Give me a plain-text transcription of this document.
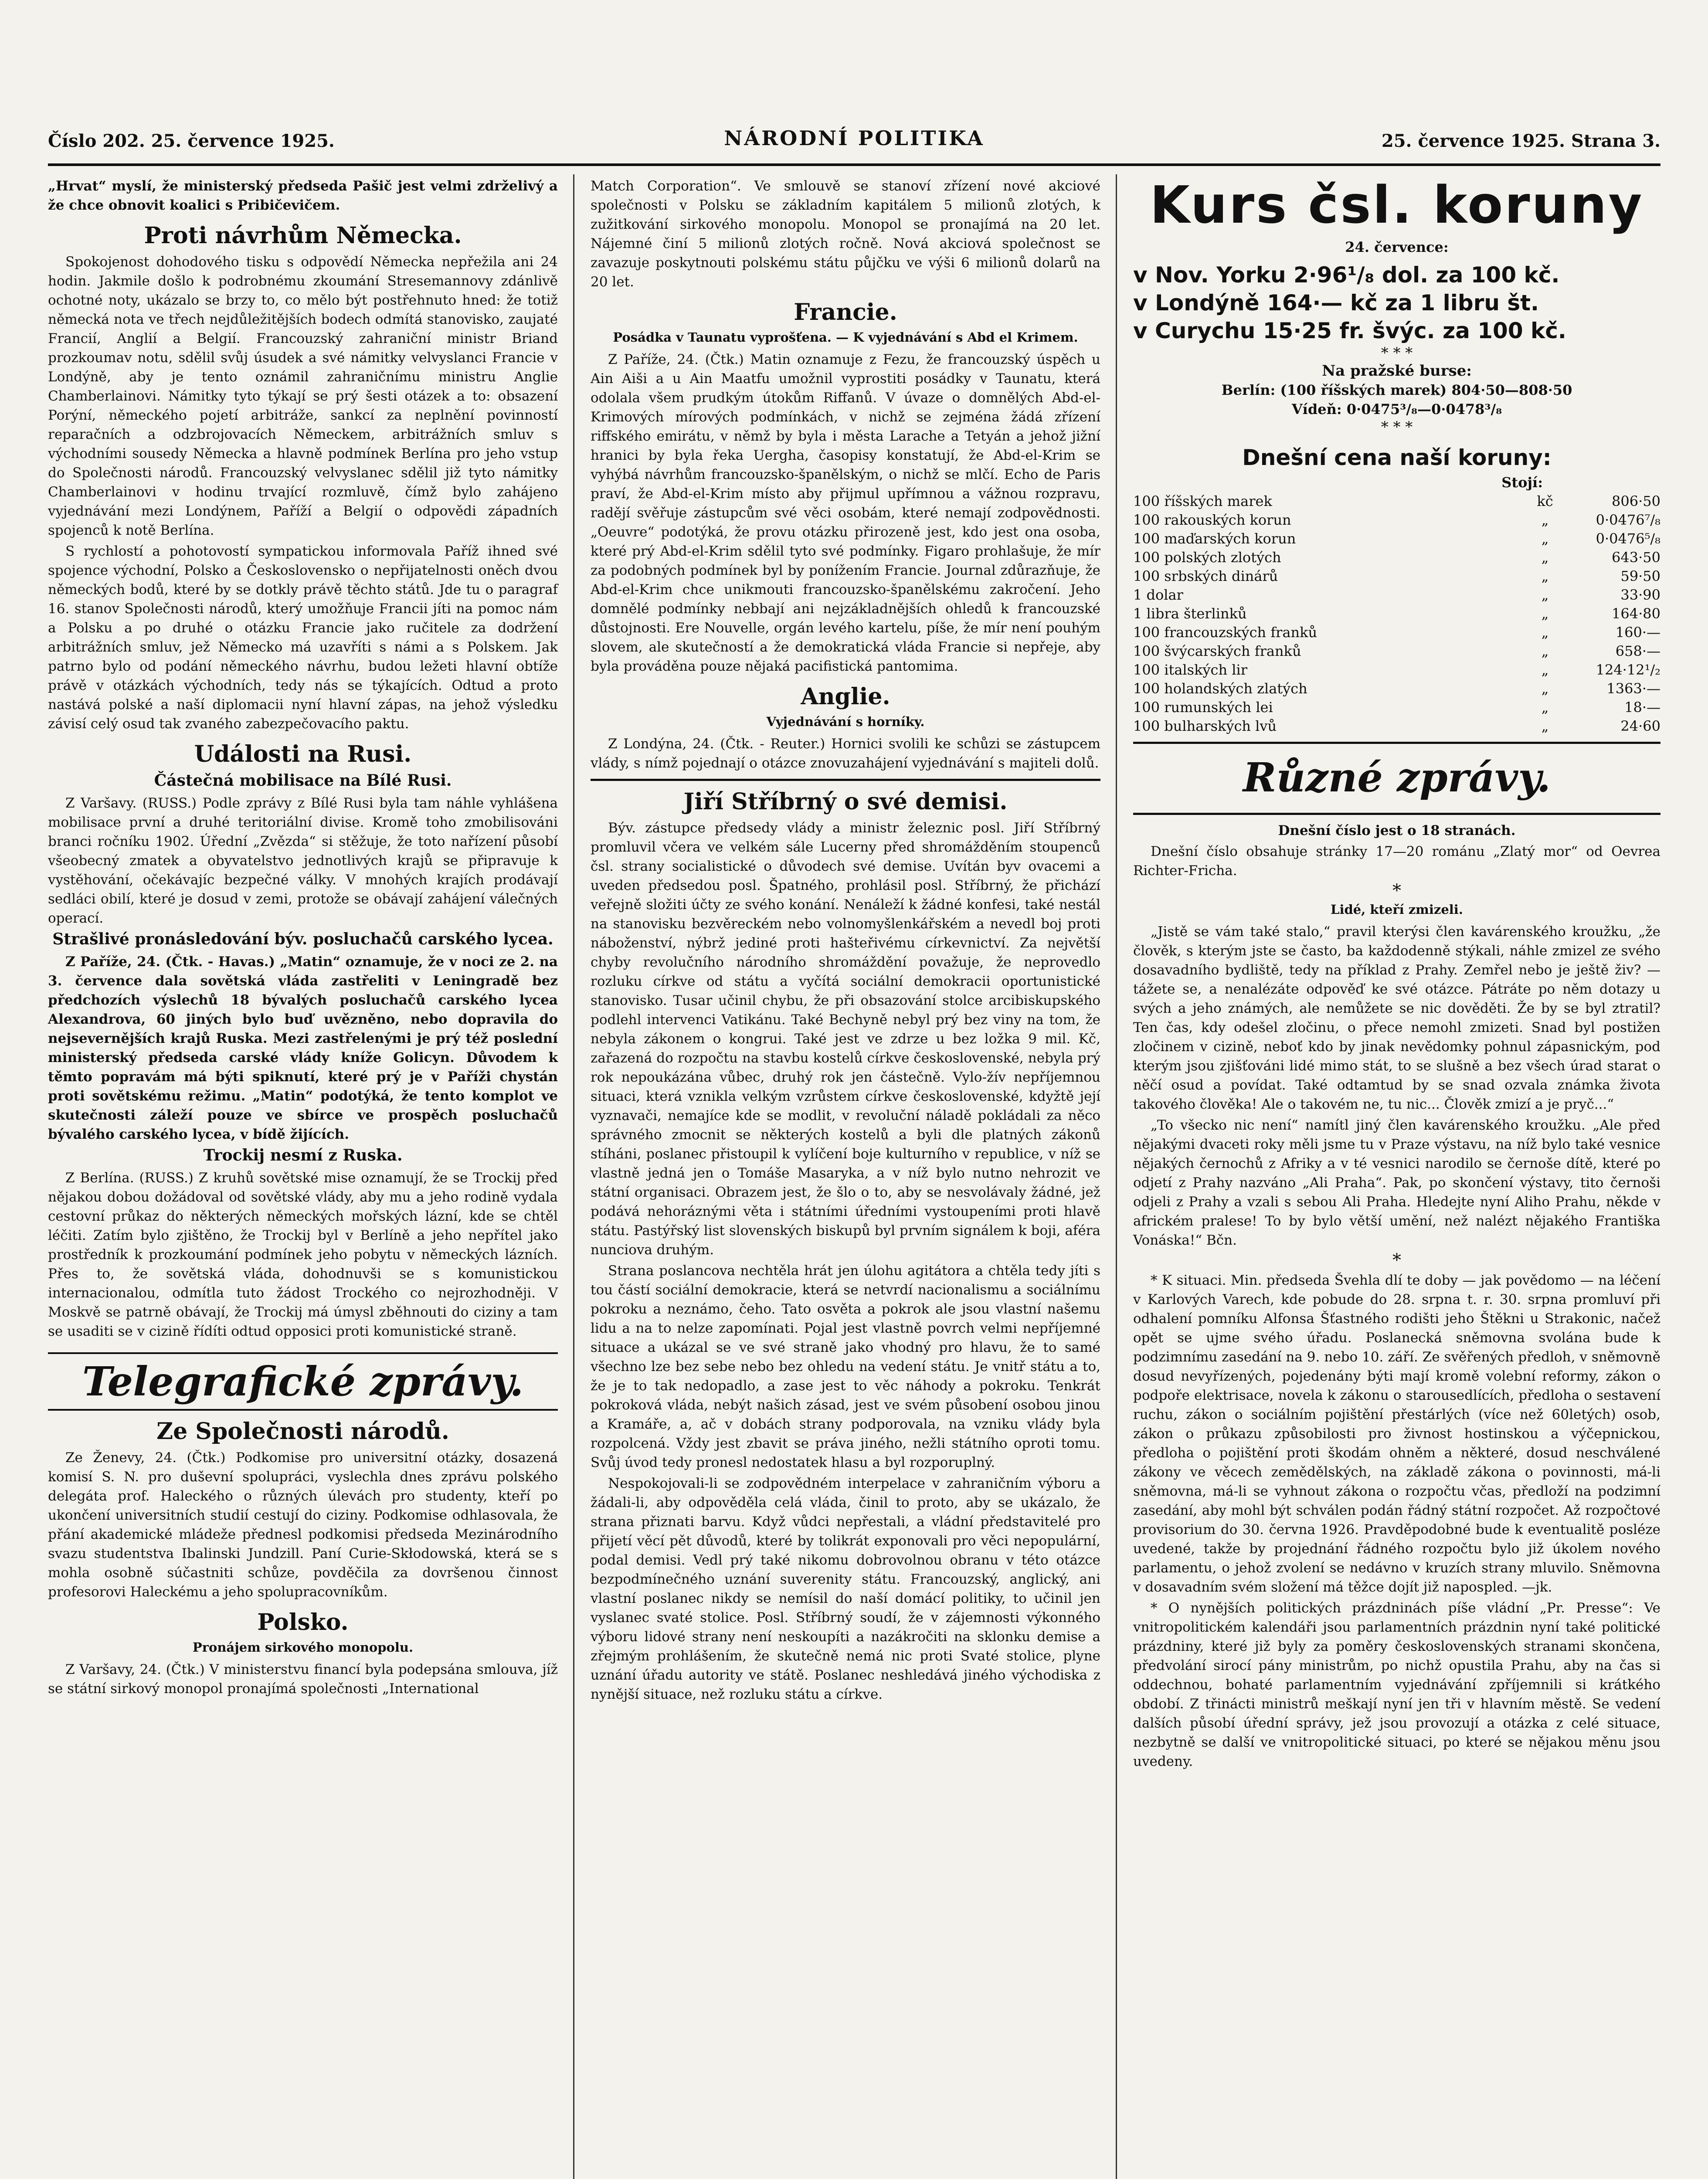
Číslo 202. 25. července 1925.	NÁRODNÍ POLITIKA	25. července 1925. Strana 3.

„Hrvat“ myslí, že ministerský předseda Pašič jest velmi zdrželivý a že chce obnovit koalici s Pribičevičem.

Proti návrhům Německa.

Spokojenost dohodového tisku s odpovědí Německa nepřežila ani 24 hodin. Jakmile došlo k podrobnému zkoumání Stresemannovy zdánlivě ochotné noty, ukázalo se brzy to, co mělo být postřehnuto hned: že totiž německá nota ve třech nejdůležitějších bodech odmítá stanovisko, zaujaté Francií, Anglií a Belgií. Francouzský zahraniční ministr Briand prozkoumav notu, sdělil svůj úsudek a své námitky velvyslanci Francie v Londýně, aby je tento oznámil zahraničnímu ministru Anglie Chamberlainovi. Námitky tyto týkají se prý šesti otázek a to: obsazení Porýní, německého pojetí arbitráže, sankcí za neplnění povinností reparačních a odzbrojovacích Německem, arbitrážních smluv s východními sousedy Německa a hlavně podmínek Berlína pro jeho vstup do Společnosti národů. Francouzský velvyslanec sdělil již tyto námitky Chamberlainovi v hodinu trvající rozmluvě, čímž bylo zahájeno vyjednávání mezi Londýnem, Paříží a Belgií o odpovědi západních spojenců k notě Berlína.

S rychlostí a pohotovostí sympatickou informovala Paříž ihned své spojence východní, Polsko a Československo o nepřijatelnosti oněch dvou německých bodů, které by se dotkly právě těchto států. Jde tu o paragraf 16. stanov Společnosti národů, který umožňuje Francii jíti na pomoc nám a Polsku a po druhé o otázku Francie jako ručitele za dodržení arbitrážních smluv, jež Německo má uzavříti s námi a s Polskem. Jak patrno bylo od podání německého návrhu, budou ležeti hlavní obtíže právě v otázkách východních, tedy nás se týkajících. Odtud a proto nastává polské a naší diplomacii nyní hlavní zápas, na jehož výsledku závisí celý osud tak zvaného zabezpečovacího paktu.

Události na Rusi.
Částečná mobilisace na Bílé Rusi.

Z Varšavy. (RUSS.) Podle zprávy z Bílé Rusi byla tam náhle vyhlášena mobilisace první a druhé teritoriální divise. Kromě toho zmobilisováni branci ročníku 1902. Úřední „Zvězda“ si stěžuje, že toto nařízení působí všeobecný zmatek a obyvatelstvo jednotlivých krajů se připravuje k vystěhování, očekávajíc bezpečné války. V mnohých krajích prodávají sedláci obilí, které je dosud v zemi, protože se obávají zahájení válečných operací.

Strašlivé pronásledování býv. posluchačů carského lycea.

Z Paříže, 24. (Čtk. - Havas.) „Matin“ oznamuje, že v noci ze 2. na 3. července dala sovětská vláda zastřeliti v Leningradě bez předchozích výslechů 18 bývalých posluchačů carského lycea Alexandrova, 60 jiných bylo buď uvězněno, nebo dopravila do nejsevernějších krajů Ruska. Mezi zastřelenými je prý též poslední ministerský předseda carské vlády kníže Golicyn. Důvodem k těmto popravám má býti spiknutí, které prý je v Paříži chystán proti sovětskému režimu. „Matin“ podotýká, že tento komplot ve skutečnosti záleží pouze ve sbírce ve prospěch posluchačů bývalého carského lycea, v bídě žijících.

Trockij nesmí z Ruska.

Z Berlína. (RUSS.) Z kruhů sovětské mise oznamují, že se Trockij před nějakou dobou dožádoval od sovětské vlády, aby mu a jeho rodině vydala cestovní průkaz do některých německých mořských lázní, kde se chtěl léčiti. Zatím bylo zjištěno, že Trockij byl v Berlíně a jeho nepřítel jako prostředník k prozkoumání podmínek jeho pobytu v německých lázních. Přes to, že sovětská vláda, dohodnuvši se s komunistickou internacionalou, odmítla tuto žádost Trockého co nejrozhodněji. V Moskvě se patrně obávají, že Trockij má úmysl zběhnouti do ciziny a tam se usaditi se v cizině řídíti odtud opposici proti komunistické straně.

Telegrafické zprávy.
Ze Společnosti národů.

Ze Ženevy, 24. (Čtk.) Podkomise pro universitní otázky, dosazená komisí S. N. pro duševní spolupráci, vyslechla dnes zprávu polského delegáta prof. Haleckého o různých úlevách pro studenty, kteří po ukončení universitních studií cestují do ciziny. Podkomise odhlasovala, že přání akademické mládeže přednesl podkomisi předseda Mezinárodního svazu studentstva Ibalinski Jundzill. Paní Curie-Skłodowská, která se s mohla osobně súčastniti schůze, povděčila za dovršenou činnost profesorovi Haleckému a jeho spolupracovníkům.

Polsko.
Pronájem sirkového monopolu.

Z Varšavy, 24. (Čtk.) V ministerstvu financí byla podepsána smlouva, jíž se státní sirkový monopol pronajímá společnosti „International

Match Corporation“. Ve smlouvě se stanoví zřízení nové akciové společnosti v Polsku se základním kapitálem 5 milionů zlotých, k zužitkování sirkového monopolu. Monopol se pronajímá na 20 let. Nájemné činí 5 milionů zlotých ročně. Nová akciová společnost se zavazuje poskytnouti polskému státu půjčku ve výši 6 milionů dolarů na 20 let.

Francie.
Posádka v Taunatu vyprošťena. — K vyjednávání s Abd el Krimem.

Z Paříže, 24. (Čtk.) Matin oznamuje z Fezu, že francouzský úspěch u Ain Aiši a u Ain Maatfu umožnil vyprostiti posádky v Taunatu, která odolala všem prudkým útokům Riffanů. V úvaze o domnělých Abd-el-Krimových mírových podmínkách, v nichž se zejména žádá zřízení riffského emirátu, v němž by byla i města Larache a Tetyán a jehož jižní hranici by byla řeka Uergha, časopisy konstatují, že Abd-el-Krim se vyhýbá návrhům francouzsko-španělským, o nichž se mlčí. Echo de Paris praví, že Abd-el-Krim místo aby přijmul upřímnou a vážnou rozpravu, radějí svěřuje zástupcům své věci osobám, které nemají zodpovědnosti. „Oeuvre“ podotýká, že provu otázku přirozeně jest, kdo jest ona osoba, které prý Abd-el-Krim sdělil tyto své podmínky. Figaro prohlašuje, že mír za podobných podmínek byl by ponížením Francie. Journal zdůrazňuje, že Abd-el-Krim chce unikmouti francouzsko-španělskému zakročení. Jeho domnělé podmínky nebbají ani nejzákladnějších ohledů k francouzské důstojnosti. Ere Nouvelle, orgán levého kartelu, píše, že mír není pouhým slovem, ale skutečností a že demokratická vláda Francie si nepřeje, aby byla prováděna pouze nějaká pacifistická pantomima.

Anglie.
Vyjednávání s horníky.

Z Londýna, 24. (Čtk. - Reuter.) Hornici svolili ke schůzi se zástupcem vlády, s nímž pojednají o otázce znovuzahájení vyjednávání s majiteli dolů.

Jiří Stříbrný o své demisi.

Býv. zástupce předsedy vlády a ministr železnic posl. Jiří Stříbrný promluvil včera ve velkém sále Lucerny před shromážděním stoupenců čsl. strany socialistické o důvodech své demise. Uvítán byv ovacemi a uveden předsedou posl. Špatného, prohlásil posl. Stříbrný, že přichází veřejně složiti účty ze svého konání. Nenáleží k žádné konfesi, také nestál na stanovisku bezvěreckém nebo volnomyšlenkářském a nevedl boj proti náboženství, nýbrž jediné proti hašteřivému církevnictví. Za největší chyby revolučního národního shromáždění považuje, že neprovedlo rozluku církve od státu a vyčítá sociální demokracii oportunistické stanovisko. Tusar učinil chybu, že při obsazování stolce arcibiskupského podlehl intervenci Vatikánu. Také Bechyně nebyl prý bez viny na tom, že nebyla zákonem o kongrui. Také jest ve zdrze u bez ložka 9 mil. Kč, zařazená do rozpočtu na stavbu kostelů církve československé, nebyla prý rok nepoukázána vůbec, druhý rok jen částečně. Vylo-žív nepříjemnou situaci, která vznikla velkým vzrůstem církve československé, kdyžtě její vyznavači, nemajíce kde se modlit, v revoluční náladě pokládali za něco správného zmocnit se některých kostelů a byli dle platných zákonů stíháni, poslanec přistoupil k vylíčení boje kulturního v republice, v níž se vlastně jedná jen o Tomáše Masaryka, a v níž bylo nutno nehrozit ve státní organisaci. Obrazem jest, že šlo o to, aby se nesvolávaly žádné, jež podává nehoráznými věta i státními úředními vystoupeními proti hlavě státu. Pastýřský list slovenských biskupů byl prvním signálem k boji, aféra nunciova druhým.

Strana poslancova nechtěla hrát jen úlohu agitátora a chtěla tedy jíti s tou částí sociální demokracie, která se netvrdí nacionalismu a sociálnímu pokroku a neznámo, čeho. Tato osvěta a pokrok ale jsou vlastní našemu lidu a na to nelze zapomínati. Pojal jest vlastně povrch velmi nepříjemné situace a ukázal se ve své straně jako vhodný pro hlavu, že to samé všechno lze bez sebe nebo bez ohledu na vedení státu. Je vnitř státu a to, že je to tak nedopadlo, a zase jest to věc náhody a pokroku. Tenkrát pokroková vláda, nebýt našich zásad, jest ve svém působení osobou jinou a Kramáře, a, ač v dobách strany podporovala, na vzniku vlády byla rozpolcená. Vždy jest zbavit se práva jiného, nežli státního oproti tomu. Svůj úvod tedy pronesl nedostatek hlasu a byl rozporuplný.

Nespokojovali-li se zodpovědném interpelace v zahraničním výboru a žádali-li, aby odpověděla celá vláda, činil to proto, aby se ukázalo, že strana přiznati barvu. Když vůdci nepřestali, a vládní představitelé pro přijetí věcí pět důvodů, které by tolikrát exponovali pro věci nepopulární, podal demisi. Vedl prý také nikomu dobrovolnou obranu v této otázce bezpodmínečného uznání suverenity státu. Francouzský, anglický, ani vlastní poslanec nikdy se nemísil do naší domácí politiky, to učinil jen vyslanec svaté stolice. Posl. Stříbrný soudí, že v zájemnosti výkonného výboru lidové strany není neskoupíti a nazákročiti na sklonku demise a zřejmým prohlášením, že skutečně nemá nic proti Svaté stolice, plyne uznání úřadu autority ve státě. Poslanec neshledává jiného východiska z nynější situace, než rozluku státu a církve.

Kurs čsl. koruny
24. července:
v Nov. Yorku 2·96¹/₈ dol. za 100 kč.
v Londýně 164·— kč za 1 libru št.
v Curychu 15·25 fr. švýc. za 100 kč.
* * *
Na pražské burse:
Berlín: (100 říšských marek) 804·50—808·50
Vídeň: 0·0475³/₈—0·0478³/₈
* * *
Dnešní cena naší koruny:
Stojí:
100 říšských marek	kč	806·50
100 rakouských korun	„	0·0476⁷/₈
100 maďarských korun	„	0·0476⁵/₈
100 polských zlotých	„	643·50
100 srbských dinárů	„	59·50
1 dolar	„	33·90
1 libra šterlinků	„	164·80
100 francouzských franků	„	160·—
100 švýcarských franků	„	658·—
100 italských lir	„	124·12¹/₂
100 holandských zlatých	„	1363·—
100 rumunských lei	„	18·—
100 bulharských lvů	„	24·60
Různé zprávy.

Dnešní číslo jest o 18 stranách.

Dnešní číslo obsahuje stránky 17—20 románu „Zlatý mor“ od Oevrea Richter-Fricha.

*
Lidé, kteří zmizeli.

„Jistě se vám také stalo,“ pravil kterýsi člen kavárenského kroužku, „že člověk, s kterým jste se často, ba každodenně stýkali, náhle zmizel ze svého dosavadního bydliště, tedy na příklad z Prahy. Zemřel nebo je ještě živ? — tážete se, a nenalézáte odpověď ke své otázce. Pátráte po něm dotazy u svých a jeho známých, ale nemůžete se nic dověděti. Že by se byl ztratil? Ten čas, kdy odešel zločinu, o přece nemohl zmizeti. Snad byl postižen zločinem v cizině, neboť kdo by jinak nevědomky pohnul zápasnickým, pod kterým jsou zjišťováni lidé mimo stát, to se slušně a bez všech úrad starat o něčí osud a povídat. Také odtamtud by se snad ozvala známka života takového člověka! Ale o takovém ne, tu nic... Člověk zmizí a je pryč...“

„To všecko nic není“ namítl jiný člen kavárenského kroužku. „Ale před nějakými dvaceti roky měli jsme tu v Praze výstavu, na níž bylo také vesnice nějakých černochů z Afriky a v té vesnici narodilo se černoše dítě, které po odjetí z Prahy nazváno „Ali Praha“. Pak, po skončení výstavy, tito černoši odjeli z Prahy a vzali s sebou Ali Praha. Hledejte nyní Aliho Prahu, někde v africkém pralese! To by bylo větší umění, než nalézt nějakého Františka Vonáska!“ Bčn.

*

* K situaci. Min. předseda Švehla dlí te doby — jak povědomo — na léčení v Karlových Varech, kde pobude do 28. srpna t. r. 30. srpna promluví při odhalení pomníku Alfonsa Šťastného rodišti jeho Štěkni u Strakonic, načež opět se ujme svého úřadu. Poslanecká sněmovna svolána bude k podzimnímu zasedání na 9. nebo 10. září. Ze svěřených předloh, v sněmovně dosud nevyřízených, pojedenány býti mají kromě volební reformy, zákon o podpoře elektrisace, novela k zákonu o starousedlících, předloha o sestavení ruchu, zákon o sociálním pojištění přestárlých (více než 60letých) osob, zákon o průkazu způsobilosti pro živnost hostinskou a výčepnickou, předloha o pojištění proti škodám ohněm a některé, dosud neschválené zákony ve věcech zemědělských, na základě zákona o povinnosti, má-li sněmovna, má-li se vyhnout zákona o rozpočtu včas, předloží na podzimní zasedání, aby mohl být schválen podán řádný státní rozpočet. Až rozpočtové provisorium do 30. června 1926. Pravděpodobné bude k eventualitě posléze uvedené, takže by projednání řádného rozpočtu bylo již úkolem nového parlamentu, o jehož zvolení se nedávno v kruzích strany mluvilo. Sněmovna v dosavadním svém složení má těžce dojít již napospled. —jk.

* O nynějších politických prázdninách píše vládní „Pr. Presse“: Ve vnitropolitickém kalendáři jsou parlamentních prázdnin nyní také politické prázdniny, které již byly za poměry československých stranami skončena, předvolání sirocí pány ministrům, po nichž opustila Prahu, aby na čas si oddechnou, bohaté parlamentním vyjednávání zpříjemnili si krátkého období. Z třinácti ministrů meškají nyní jen tři v hlavním městě. Se vedení dalších působí úřední správy, jež jsou provozují a otázka z celé situace, nezbytně se další ve vnitropolitické situaci, po které se nějakou měnu jsou uvedeny.
